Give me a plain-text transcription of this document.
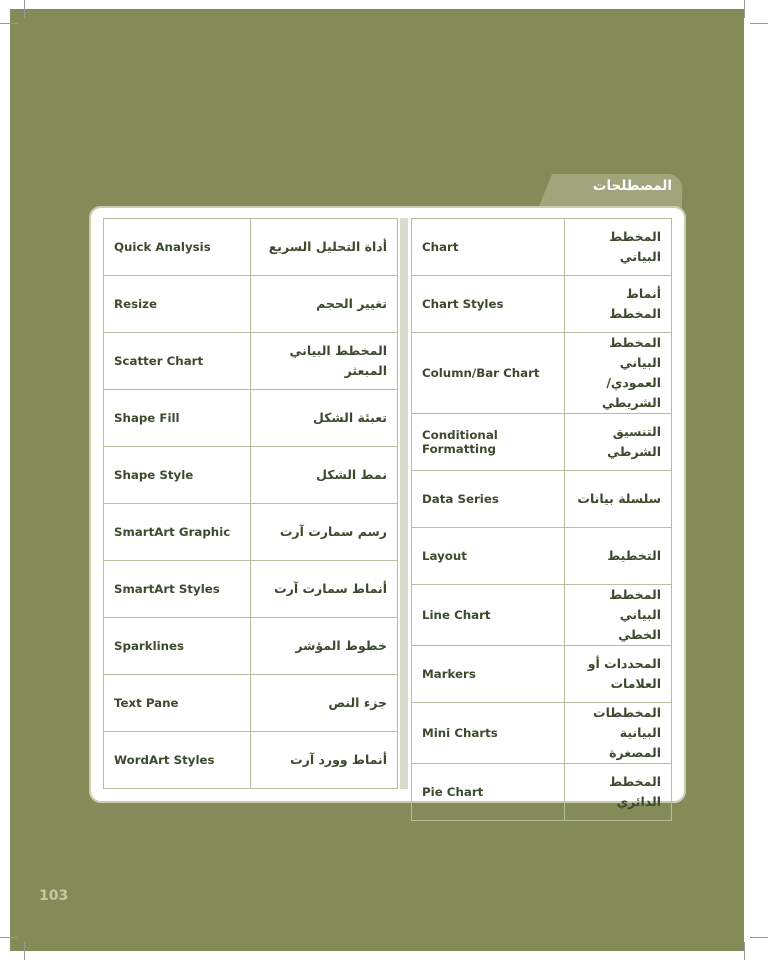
المصطلحات
Quick Analysis	أداة التحليل السريع
Resize	تغيير الحجم
Scatter Chart	المخطط البياني المبعثر
Shape Fill	تعبئة الشكل
Shape Style	نمط الشكل
SmartArt Graphic	رسم سمارت آرت
SmartArt Styles	أنماط سمارت آرت
Sparklines	خطوط المؤشر
Text Pane	جزء النص
WordArt Styles	أنماط وورد آرت
Chart	المخطط البياني
Chart Styles	أنماط المخطط
Column/Bar Chart	المخطط البياني العمودي/ الشريطي
Conditional Formatting	التنسيق الشرطي
Data Series	سلسلة بيانات
Layout	التخطيط
Line Chart	المخطط البياني الخطي
Markers	المحددات أو العلامات
Mini Charts	المخططات البيانية المصغرة
Pie Chart	المخطط الدائري
103
